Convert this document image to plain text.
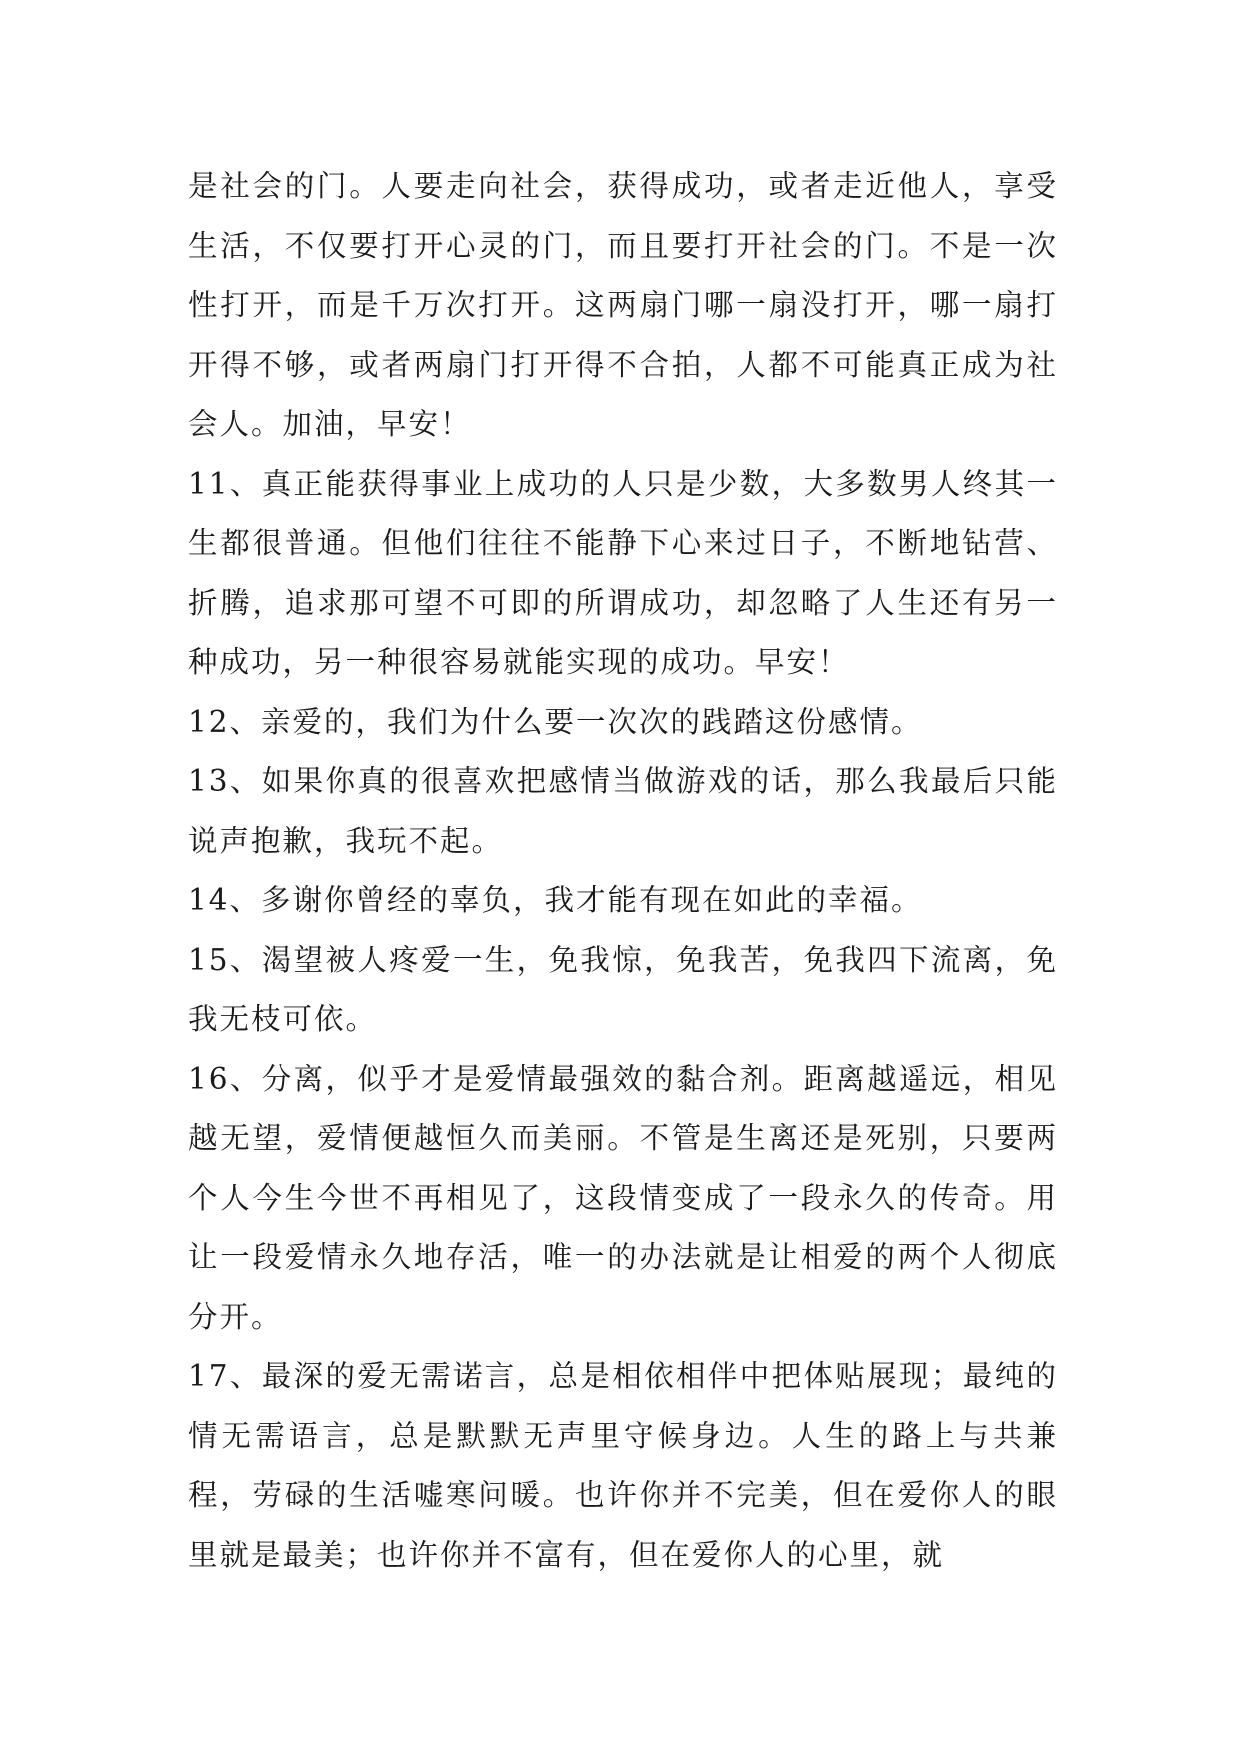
是社会的门。人要走向社会，获得成功，或者走近他人，享受生活，不仅要打开心灵的门，而且要打开社会的门。不是一次性打开，而是千万次打开。这两扇门哪一扇没打开，哪一扇打开得不够，或者两扇门打开得不合拍，人都不可能真正成为社会人。加油，早安！

11、真正能获得事业上成功的人只是少数，大多数男人终其一生都很普通。但他们往往不能静下心来过日子，不断地钻营、折腾，追求那可望不可即的所谓成功，却忽略了人生还有另一种成功，另一种很容易就能实现的成功。早安！

12、亲爱的，我们为什么要一次次的践踏这份感情。

13、如果你真的很喜欢把感情当做游戏的话，那么我最后只能说声抱歉，我玩不起。

14、多谢你曾经的辜负，我才能有现在如此的幸福。

15、渴望被人疼爱一生，免我惊，免我苦，免我四下流离，免我无枝可依。

16、分离，似乎才是爱情最强效的黏合剂。距离越遥远，相见越无望，爱情便越恒久而美丽。不管是生离还是死别，只要两个人今生今世不再相见了，这段情变成了一段永久的传奇。用让一段爱情永久地存活，唯一的办法就是让相爱的两个人彻底分开。

17、最深的爱无需诺言，总是相依相伴中把体贴展现；最纯的情无需语言，总是默默无声里守候身边。人生的路上与共兼程，劳碌的生活嘘寒问暖。也许你并不完美，但在爱你人的眼里就是最美；也许你并不富有，但在爱你人的心里，就
